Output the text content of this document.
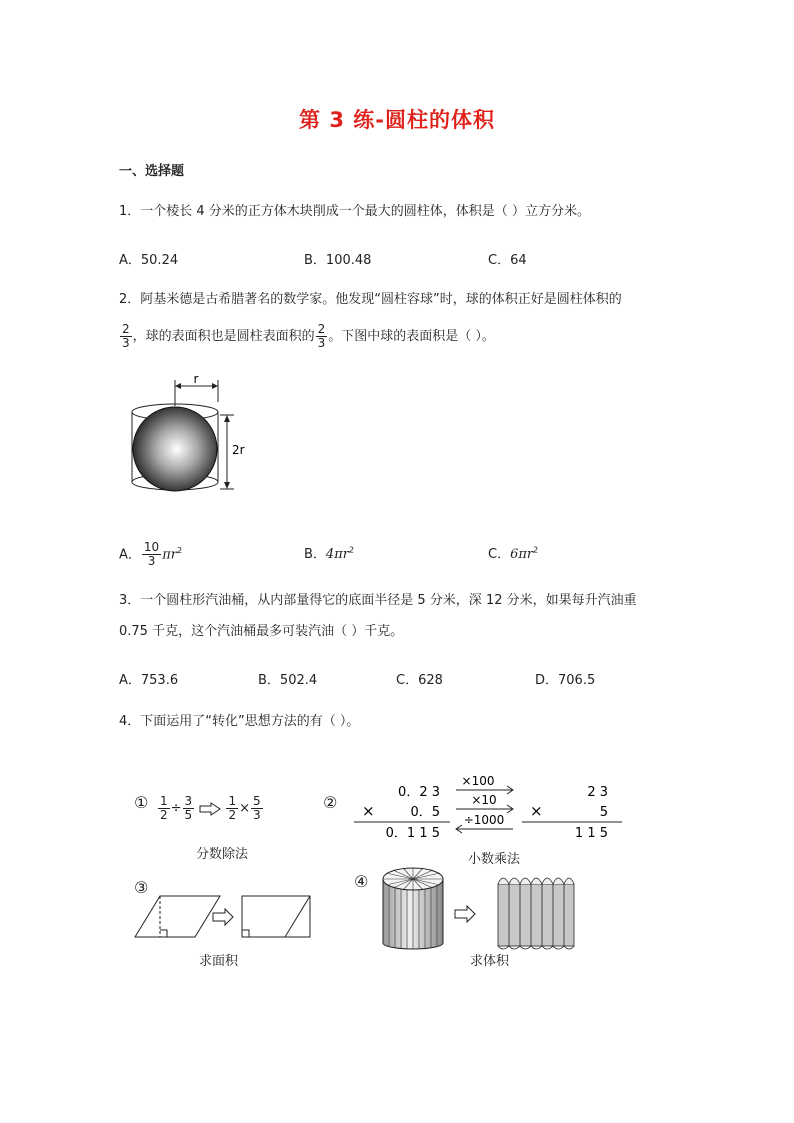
第 3 练-圆柱的体积
一、选择题
1．一个棱长 4 分米的正方体木块削成一个最大的圆柱体，体积是（ ）立方分米。
A．50.24	B．100.48	C．64
2．阿基米德是古希腊著名的数学家。他发现“圆柱容球”时，球的体积正好是圆柱体积的
$\frac{2}{3}$ ，球的表面积也是圆柱表面积的 $\frac{2}{3}$ 。下图中球的表面积是（ ）。
r
2r
A． $\frac{10}{3} \pi r^2$	B．$4\pi r^2$	C．$6\pi r^2$
3．一个圆柱形汽油桶，从内部量得它的底面半径是 5 分米，深 12 分米，如果每升汽油重
0.75 千克，这个汽油桶最多可装汽油（ ）千克。
A．753.6	B．502.4	C．628	D．706.5
4．下面运用了“转化”思想方法的有（ ）。
① $\frac{1}{2} \div \frac{3}{5}$
	$\frac{1}{2} \times \frac{5}{3}$
分数除法
②
0．2 3
×	0．5
0．1 1 5
×100
×10
÷1000
2 3
×	5
1 1 5
小数乘法
③
求面积
④
求体积
